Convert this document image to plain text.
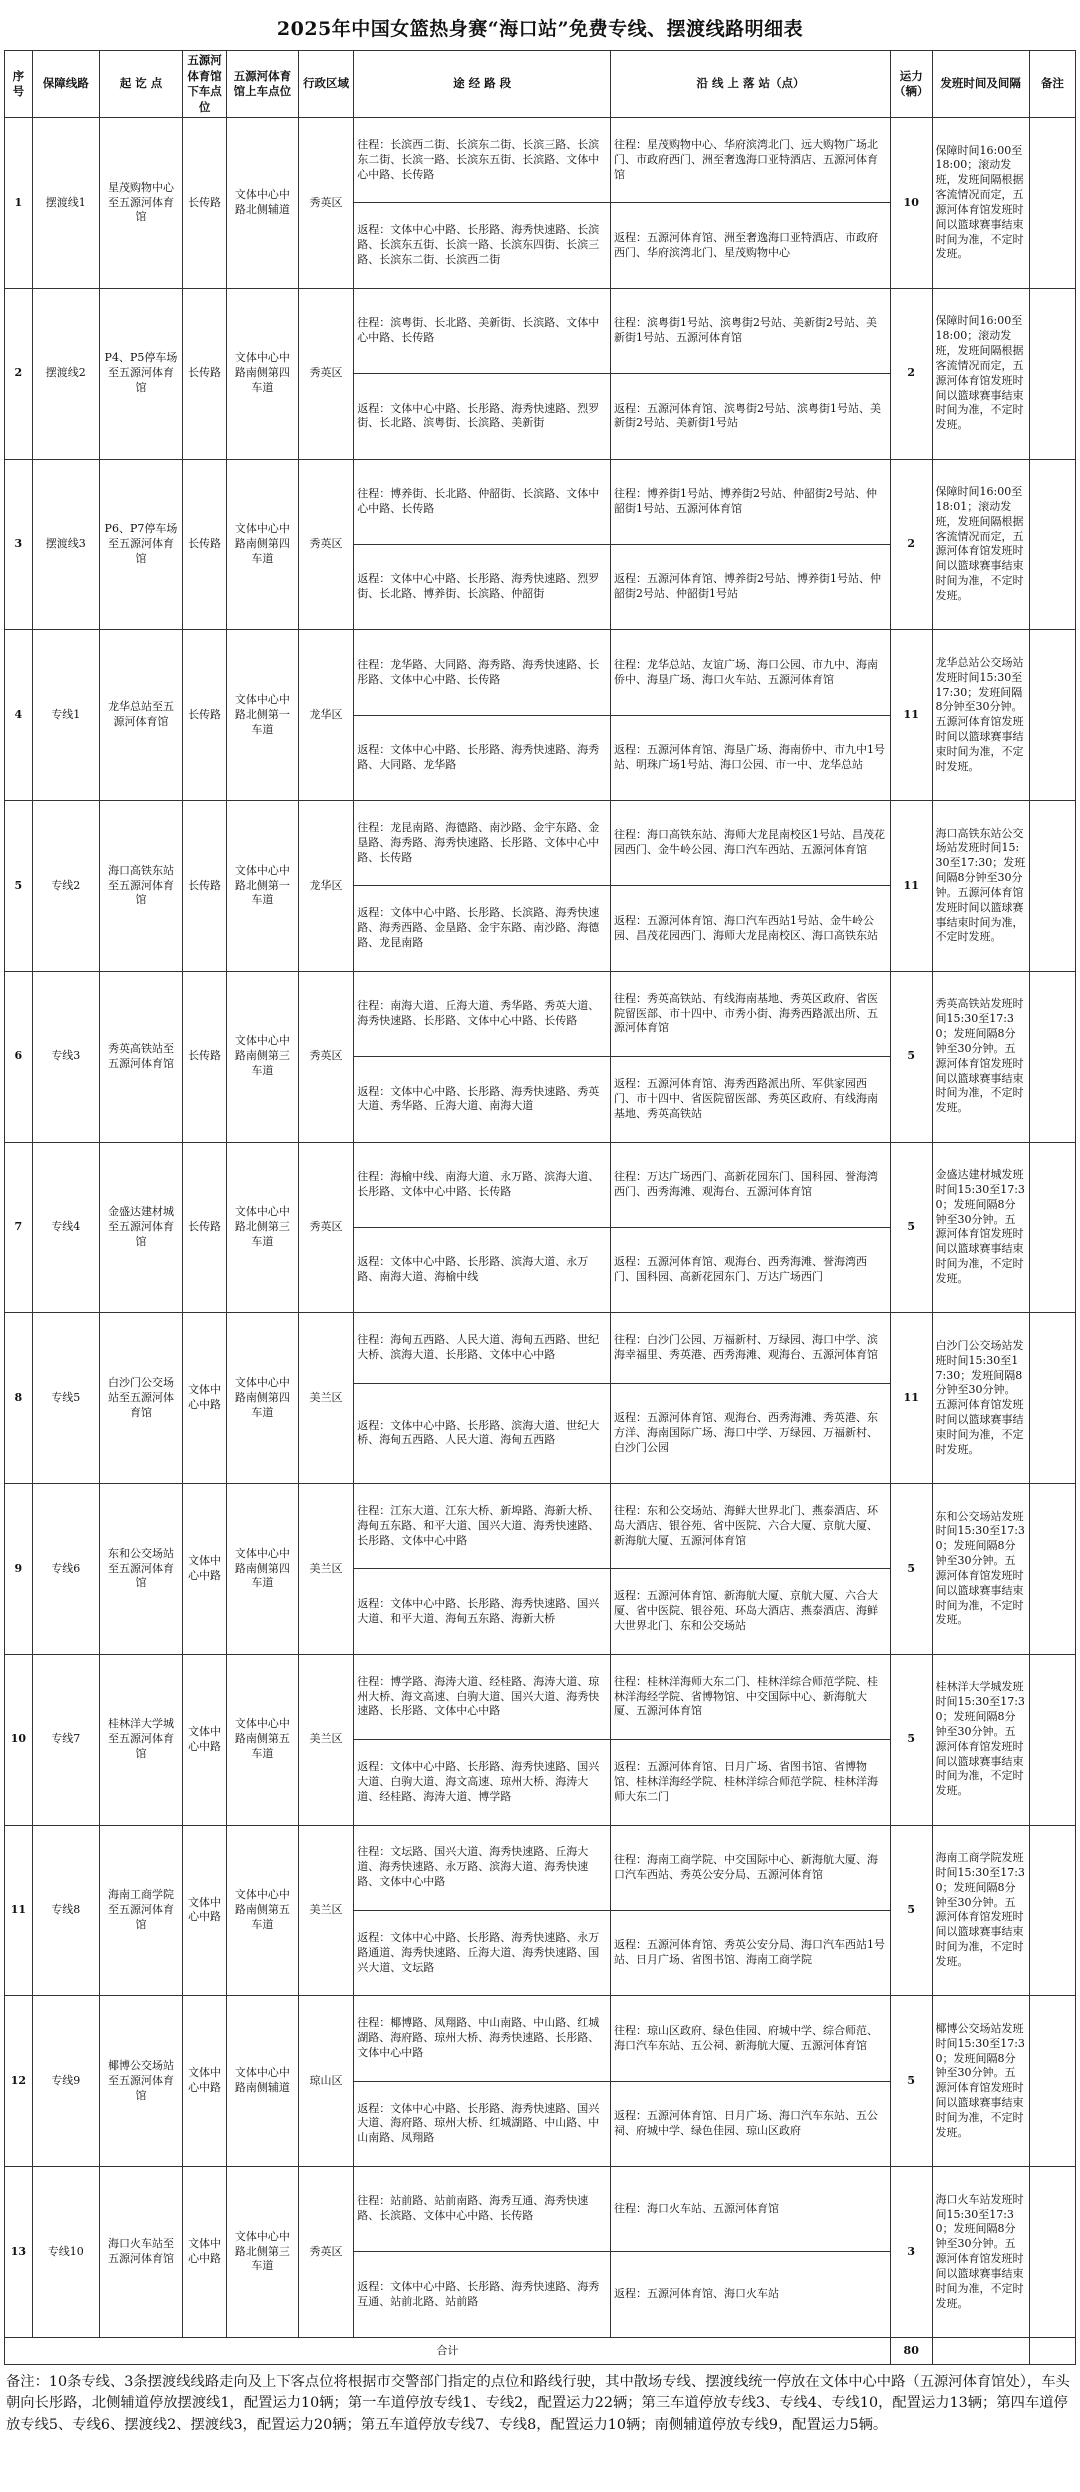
2025年中国女篮热身赛“海口站”免费专线、摆渡线路明细表
序号	保障线路	起 讫 点	五源河体育馆下车点位	五源河体育馆上车点位	行政区域	途 经 路 段	沿 线 上 落 站（点）	运力（辆）	发班时间及间隔	备注
1	摆渡线1	星茂购物中心至五源河体育馆	长传路	文体中心中路北侧辅道	秀英区	往程：长滨西二街、长滨东二街、长滨三路、长滨东二街、长滨一路、长滨东五街、长滨路、文体中心中路、长传路	往程：星茂购物中心、华府滨湾北门、远大购物广场北门、市政府西门、洲至奢逸海口亚特酒店、五源河体育馆	10	保障时间16:00至18:00；滚动发班，发班间隔根据客流情况而定，五源河体育馆发班时间以篮球赛事结束时间为准，不定时发班。	
						返程：文体中心中路、长彤路、海秀快速路、长滨路、长滨东五街、长滨一路、长滨东四街、长滨三路、长滨东二街、长滨西二街	返程：五源河体育馆、洲至奢逸海口亚特酒店、市政府西门、华府滨湾北门、星茂购物中心			
2	摆渡线2	P4、P5停车场至五源河体育馆	长传路	文体中心中路南侧第四车道	秀英区	往程：滨粤街、长北路、美新街、长滨路、文体中心中路、长传路	往程：滨粤街1号站、滨粤街2号站、美新街2号站、美新街1号站、五源河体育馆	2	保障时间16:00至18:00；滚动发班，发班间隔根据客流情况而定，五源河体育馆发班时间以篮球赛事结束时间为准，不定时发班。	
						返程：文体中心中路、长彤路、海秀快速路、烈罗街、长北路、滨粤街、长滨路、美新街	返程：五源河体育馆、滨粤街2号站、滨粤街1号站、美新街2号站、美新街1号站			
3	摆渡线3	P6、P7停车场至五源河体育馆	长传路	文体中心中路南侧第四车道	秀英区	往程：博养街、长北路、仲韶街、长滨路、文体中心中路、长传路	往程：博养街1号站、博养街2号站、仲韶街2号站、仲韶街1号站、五源河体育馆	2	保障时间16:00至18:01；滚动发班，发班间隔根据客流情况而定，五源河体育馆发班时间以篮球赛事结束时间为准，不定时发班。	
						返程：文体中心中路、长彤路、海秀快速路、烈罗街、长北路、博养街、长滨路、仲韶街	返程：五源河体育馆、博养街2号站、博养街1号站、仲韶街2号站、仲韶街1号站			
4	专线1	龙华总站至五源河体育馆	长传路	文体中心中路北侧第一车道	龙华区	往程：龙华路、大同路、海秀路、海秀快速路、长彤路、文体中心中路、长传路	往程：龙华总站、友谊广场、海口公园、市九中、海南侨中、海垦广场、海口火车站、五源河体育馆	11	龙华总站公交场站发班时间15:30至17:30；发班间隔8分钟至30分钟。五源河体育馆发班时间以篮球赛事结束时间为准，不定时发班。	
						返程：文体中心中路、长彤路、海秀快速路、海秀路、大同路、龙华路	返程：五源河体育馆、海垦广场、海南侨中、市九中1号站、明珠广场1号站、海口公园、市一中、龙华总站			
5	专线2	海口高铁东站至五源河体育馆	长传路	文体中心中路北侧第一车道	龙华区	往程：龙昆南路、海德路、南沙路、金宇东路、金垦路、海秀路、海秀快速路、长彤路、文体中心中路、长传路	往程：海口高铁东站、海师大龙昆南校区1号站、昌茂花园西门、金牛岭公园、海口汽车西站、五源河体育馆	11	海口高铁东站公交场站发班时间15:30至17:30；发班间隔8分钟至30分钟。五源河体育馆发班时间以篮球赛事结束时间为准，不定时发班。	
						返程：文体中心中路、长彤路、长滨路、海秀快速路、海秀西路、金垦路、金宇东路、南沙路、海德路、龙昆南路	返程：五源河体育馆、海口汽车西站1号站、金牛岭公园、昌茂花园西门、海师大龙昆南校区、海口高铁东站			
6	专线3	秀英高铁站至五源河体育馆	长传路	文体中心中路南侧第三车道	秀英区	往程：南海大道、丘海大道、秀华路、秀英大道、海秀快速路、长彤路、文体中心中路、长传路	往程：秀英高铁站、有线海南基地、秀英区政府、省医院留医部、市十四中、市秀小街、海秀西路派出所、五源河体育馆	5	秀英高铁站发班时间15:30至17:30；发班间隔8分钟至30分钟。五源河体育馆发班时间以篮球赛事结束时间为准，不定时发班。	
						返程：文体中心中路、长彤路、海秀快速路、秀英大道、秀华路、丘海大道、南海大道	返程：五源河体育馆、海秀西路派出所、军供家园西门、市十四中、省医院留医部、秀英区政府、有线海南基地、秀英高铁站			
7	专线4	金盛达建材城至五源河体育馆	长传路	文体中心中路北侧第三车道	秀英区	往程：海榆中线、南海大道、永万路、滨海大道、长彤路、文体中心中路、长传路	往程：万达广场西门、高新花园东门、国科园、誉海湾西门、西秀海滩、观海台、五源河体育馆	5	金盛达建材城发班时间15:30至17:30；发班间隔8分钟至30分钟。五源河体育馆发班时间以篮球赛事结束时间为准，不定时发班。	
						返程：文体中心中路、长彤路、滨海大道、永万路、南海大道、海榆中线	返程：五源河体育馆、观海台、西秀海滩、誉海湾西门、国科园、高新花园东门、万达广场西门			
8	专线5	白沙门公交场站至五源河体育馆	文体中心中路	文体中心中路南侧第四车道	美兰区	往程：海甸五西路、人民大道、海甸五西路、世纪大桥、滨海大道、长彤路、文体中心中路	往程：白沙门公园、万福新村、万绿园、海口中学、滨海幸福里、秀英港、西秀海滩、观海台、五源河体育馆	11	白沙门公交场站发班时间15:30至17:30；发班间隔8分钟至30分钟。五源河体育馆发班时间以篮球赛事结束时间为准，不定时发班。	
						返程：文体中心中路、长彤路、滨海大道、世纪大桥、海甸五西路、人民大道、海甸五西路	返程：五源河体育馆、观海台、西秀海滩、秀英港、东方洋、海南国际广场、海口中学、万绿园、万福新村、白沙门公园			
9	专线6	东和公交场站至五源河体育馆	文体中心中路	文体中心中路南侧第四车道	美兰区	往程：江东大道、江东大桥、新埠路、海新大桥、海甸五东路、和平大道、国兴大道、海秀快速路、长彤路、文体中心中路	往程：东和公交场站、海鲜大世界北门、燕泰酒店、环岛大酒店、银谷苑、省中医院、六合大厦、京航大厦、新海航大厦、五源河体育馆	5	东和公交场站发班时间15:30至17:30；发班间隔8分钟至30分钟。五源河体育馆发班时间以篮球赛事结束时间为准，不定时发班。	
						返程：文体中心中路、长彤路、海秀快速路、国兴大道、和平大道、海甸五东路、海新大桥	返程：五源河体育馆、新海航大厦、京航大厦、六合大厦、省中医院、银谷苑、环岛大酒店、燕泰酒店、海鲜大世界北门、东和公交场站			
10	专线7	桂林洋大学城至五源河体育馆	文体中心中路	文体中心中路南侧第五车道	美兰区	往程：博学路、海涛大道、经桂路、海涛大道、琼州大桥、海文高速、白驹大道、国兴大道、海秀快速路、长彤路、文体中心中路	往程：桂林洋海师大东二门、桂林洋综合师范学院、桂林洋海经学院、省博物馆、中交国际中心、新海航大厦、五源河体育馆	5	桂林洋大学城发班时间15:30至17:30；发班间隔8分钟至30分钟。五源河体育馆发班时间以篮球赛事结束时间为准，不定时发班。	
						返程：文体中心中路、长彤路、海秀快速路、国兴大道、白驹大道、海文高速、琼州大桥、海涛大道、经桂路、海涛大道、博学路	返程：五源河体育馆、日月广场、省图书馆、省博物馆、桂林洋海经学院、桂林洋综合师范学院、桂林洋海师大东二门			
11	专线8	海南工商学院至五源河体育馆	文体中心中路	文体中心中路南侧第五车道	美兰区	往程：文坛路、国兴大道、海秀快速路、丘海大道、海秀快速路、永万路、滨海大道、海秀快速路、文体中心中路	往程：海南工商学院、中交国际中心、新海航大厦、海口汽车西站、秀英公安分局、五源河体育馆	5	海南工商学院发班时间15:30至17:30；发班间隔8分钟至30分钟。五源河体育馆发班时间以篮球赛事结束时间为准，不定时发班。	
						返程：文体中心中路、长彤路、海秀快速路、永万路通道、海秀快速路、丘海大道、海秀快速路、国兴大道、文坛路	返程：五源河体育馆、秀英公安分局、海口汽车西站1号站、日月广场、省图书馆、海南工商学院			
12	专线9	椰博公交场站至五源河体育馆	文体中心中路	文体中心中路南侧辅道	琼山区	往程：椰博路、凤翔路、中山南路、中山路、红城湖路、海府路、琼州大桥、海秀快速路、长彤路、文体中心中路	往程：琼山区政府、绿色佳园、府城中学、综合师范、海口汽车东站、五公祠、新海航大厦、五源河体育馆	5	椰博公交场站发班时间15:30至17:30；发班间隔8分钟至30分钟。五源河体育馆发班时间以篮球赛事结束时间为准，不定时发班。	
						返程：文体中心中路、长彤路、海秀快速路、国兴大道、海府路、琼州大桥、红城湖路、中山路、中山南路、凤翔路	返程：五源河体育馆、日月广场、海口汽车东站、五公祠、府城中学、绿色佳园、琼山区政府			
13	专线10	海口火车站至五源河体育馆	文体中心中路	文体中心中路北侧第三车道	秀英区	往程：站前路、站前南路、海秀互通、海秀快速路、长滨路、文体中心中路、长传路	往程：海口火车站、五源河体育馆	3	海口火车站发班时间15:30至17:30；发班间隔8分钟至30分钟。五源河体育馆发班时间以篮球赛事结束时间为准，不定时发班。	
						返程：文体中心中路、长彤路、海秀快速路、海秀互通、站前北路、站前路	返程：五源河体育馆、海口火车站			
合计								80		
备注：10条专线、3条摆渡线线路走向及上下客点位将根据市交警部门指定的点位和路线行驶，其中散场专线、摆渡线统一停放在文体中心中路（五源河体育馆处），车头朝向长彤路，北侧辅道停放摆渡线1，配置运力10辆；第一车道停放专线1、专线2，配置运力22辆；第三车道停放专线3、专线4、专线10，配置运力13辆；第四车道停放专线5、专线6、摆渡线2、摆渡线3，配置运力20辆；第五车道停放专线7、专线8，配置运力10辆；南侧辅道停放专线9，配置运力5辆。
